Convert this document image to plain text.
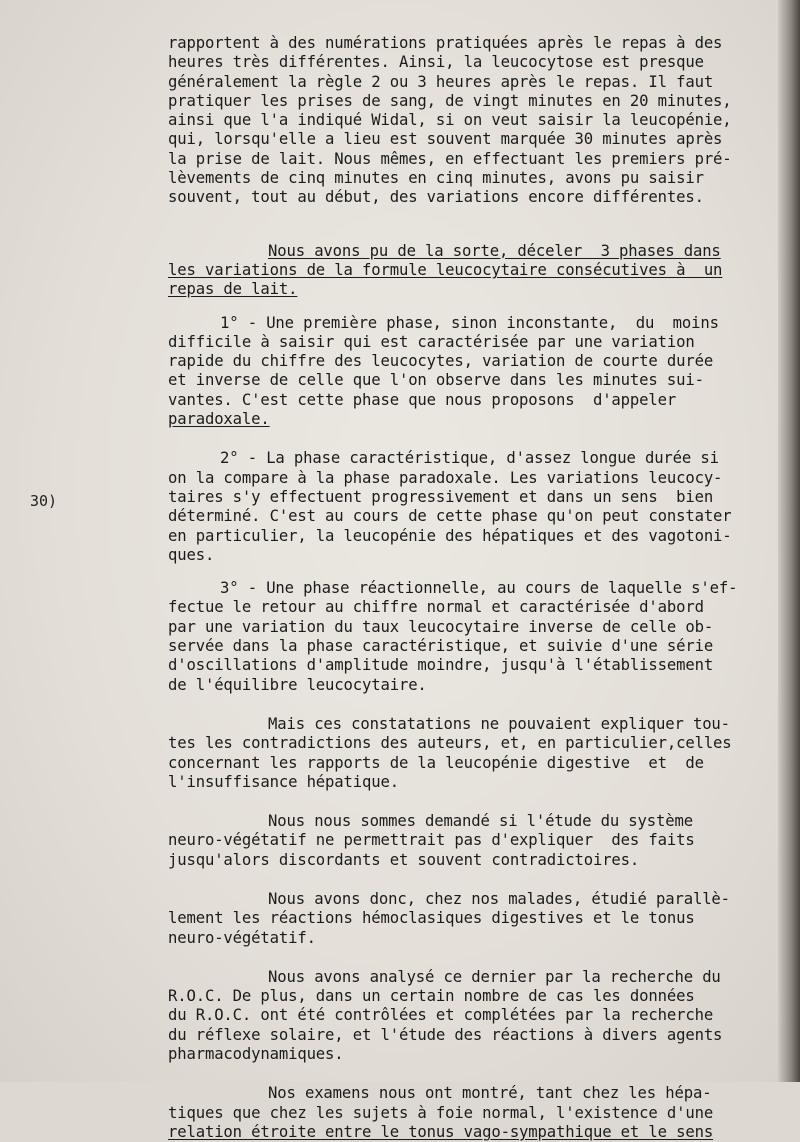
30)
rapportent à des numérations pratiquées après le repas à des
heures très différentes. Ainsi, la leucocytose est presque
généralement la règle 2 ou 3 heures après le repas. Il faut
pratiquer les prises de sang, de vingt minutes en 20 minutes,
ainsi que l'a indiqué Widal, si on veut saisir la leucopénie,
qui, lorsqu'elle a lieu est souvent marquée 30 minutes après
la prise de lait. Nous mêmes, en effectuant les premiers pré-
lèvements de cinq minutes en cinq minutes, avons pu saisir
souvent, tout au début, des variations encore différentes.
Nous avons pu de la sorte, déceler  3 phases dans
les variations de la formule leucocytaire consécutives à  un
repas de lait.
1° - Une première phase, sinon inconstante,  du  moins
difficile à saisir qui est caractérisée par une variation
rapide du chiffre des leucocytes, variation de courte durée
et inverse de celle que l'on observe dans les minutes sui-
vantes. C'est cette phase que nous proposons  d'appeler
paradoxale.
2° - La phase caractéristique, d'assez longue durée si
on la compare à la phase paradoxale. Les variations leucocy-
taires s'y effectuent progressivement et dans un sens  bien
déterminé. C'est au cours de cette phase qu'on peut constater
en particulier, la leucopénie des hépatiques et des vagotoni-
ques.
3° - Une phase réactionnelle, au cours de laquelle s'ef-
fectue le retour au chiffre normal et caractérisée d'abord
par une variation du taux leucocytaire inverse de celle ob-
servée dans la phase caractéristique, et suivie d'une série
d'oscillations d'amplitude moindre, jusqu'à l'établissement
de l'équilibre leucocytaire.
Mais ces constatations ne pouvaient expliquer tou-
tes les contradictions des auteurs, et, en particulier,celles
concernant les rapports de la leucopénie digestive  et  de
l'insuffisance hépatique.
Nous nous sommes demandé si l'étude du système
neuro-végétatif ne permettrait pas d'expliquer  des faits
jusqu'alors discordants et souvent contradictoires.
Nous avons donc, chez nos malades, étudié parallè-
lement les réactions hémoclasiques digestives et le tonus
neuro-végétatif.
Nous avons analysé ce dernier par la recherche du
R.O.C. De plus, dans un certain nombre de cas les données
du R.O.C. ont été contrôlées et complétées par la recherche
du réflexe solaire, et l'étude des réactions à divers agents
pharmacodynamiques.
Nos examens nous ont montré, tant chez les hépa-
tiques que chez les sujets à foie normal, l'existence d'une
relation étroite entre le tonus vago-sympathique et le sens
